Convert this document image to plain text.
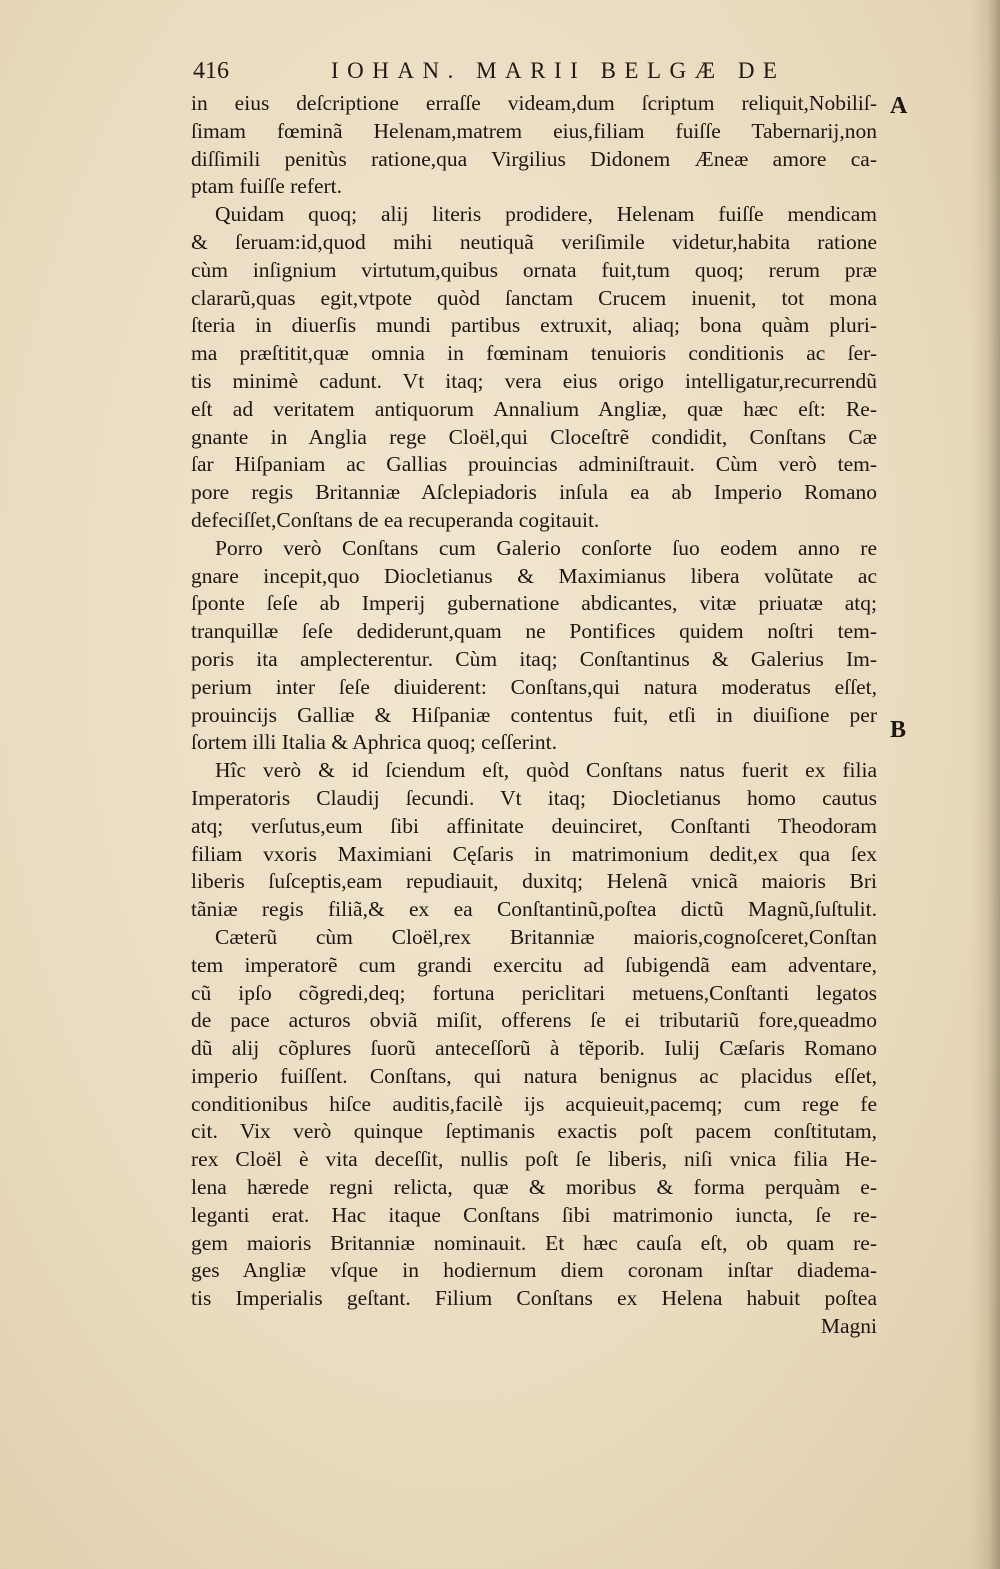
416	IOHAN. MARII BELGÆ DE
A
B
in eius deſcriptione erraſſe videam,dum ſcriptum reliquit,Nobiliſ-
ſimam fœminã Helenam,matrem eius,filiam fuiſſe Tabernarij,non
diſſimili penitùs ratione,qua Virgilius Didonem Æneæ amore ca-
ptam fuiſſe refert.
Quidam quoq; alij literis prodidere, Helenam fuiſſe mendicam
& ſeruam:id,quod mihi neutiquã veriſimile videtur,habita ratione
cùm inſignium virtutum,quibus ornata fuit,tum quoq; rerum præ
clararũ,quas egit,vtpote quòd ſanctam Crucem inuenit, tot mona
ſteria in diuerſis mundi partibus extruxit, aliaq; bona quàm pluri-
ma præſtitit,quæ omnia in fœminam tenuioris conditionis ac ſer-
tis minimè cadunt. Vt itaq; vera eius origo intelligatur,recurrendũ
eſt ad veritatem antiquorum Annalium Angliæ, quæ hæc eſt: Re-
gnante in Anglia rege Cloël,qui Cloceſtrẽ condidit, Conſtans Cæ
ſar Hiſpaniam ac Gallias prouincias adminiſtrauit. Cùm verò tem-
pore regis Britanniæ Aſclepiadoris inſula ea ab Imperio Romano
defeciſſet,Conſtans de ea recuperanda cogitauit.
Porro verò Conſtans cum Galerio conſorte ſuo eodem anno re
gnare incepit,quo Diocletianus & Maximianus libera volũtate ac
ſponte ſeſe ab Imperij gubernatione abdicantes, vitæ priuatæ atq;
tranquillæ ſeſe dediderunt,quam ne Pontifices quidem noſtri tem-
poris ita amplecterentur. Cùm itaq; Conſtantinus & Galerius Im-
perium inter ſeſe diuiderent: Conſtans,qui natura moderatus eſſet,
prouincijs Galliæ & Hiſpaniæ contentus fuit, etſi in diuiſione per
ſortem illi Italia & Aphrica quoq; ceſſerint.
Hîc verò & id ſciendum eſt, quòd Conſtans natus fuerit ex filia
Imperatoris Claudij ſecundi. Vt itaq; Diocletianus homo cautus
atq; verſutus,eum ſibi affinitate deuinciret, Conſtanti Theodoram
filiam vxoris Maximiani Cęſaris in matrimonium dedit,ex qua ſex
liberis ſuſceptis,eam repudiauit, duxitq; Helenã vnicã maioris Bri
tãniæ regis filiã,& ex ea Conſtantinũ,poſtea dictũ Magnũ,ſuſtulit.
Cæterũ cùm Cloël,rex Britanniæ maioris,cognoſceret,Conſtan
tem imperatorẽ cum grandi exercitu ad ſubigendã eam adventare,
cũ ipſo cõgredi,deq; fortuna periclitari metuens,Conſtanti legatos
de pace acturos obviã miſit, offerens ſe ei tributariũ fore,queadmo
dũ alij cõplures ſuorũ anteceſſorũ à tẽporib. Iulij Cæſaris Romano
imperio fuiſſent. Conſtans, qui natura benignus ac placidus eſſet,
conditionibus hiſce auditis,facilè ijs acquieuit,pacemq; cum rege fe
cit. Vix verò quinque ſeptimanis exactis poſt pacem conſtitutam,
rex Cloël è vita deceſſit, nullis poſt ſe liberis, niſi vnica filia He-
lena hærede regni relicta, quæ & moribus & forma perquàm e-
leganti erat. Hac itaque Conſtans ſibi matrimonio iuncta, ſe re-
gem maioris Britanniæ nominauit. Et hæc cauſa eſt, ob quam re-
ges Angliæ vſque in hodiernum diem coronam inſtar diadema-
tis Imperialis geſtant. Filium Conſtans ex Helena habuit poſtea
Magni
